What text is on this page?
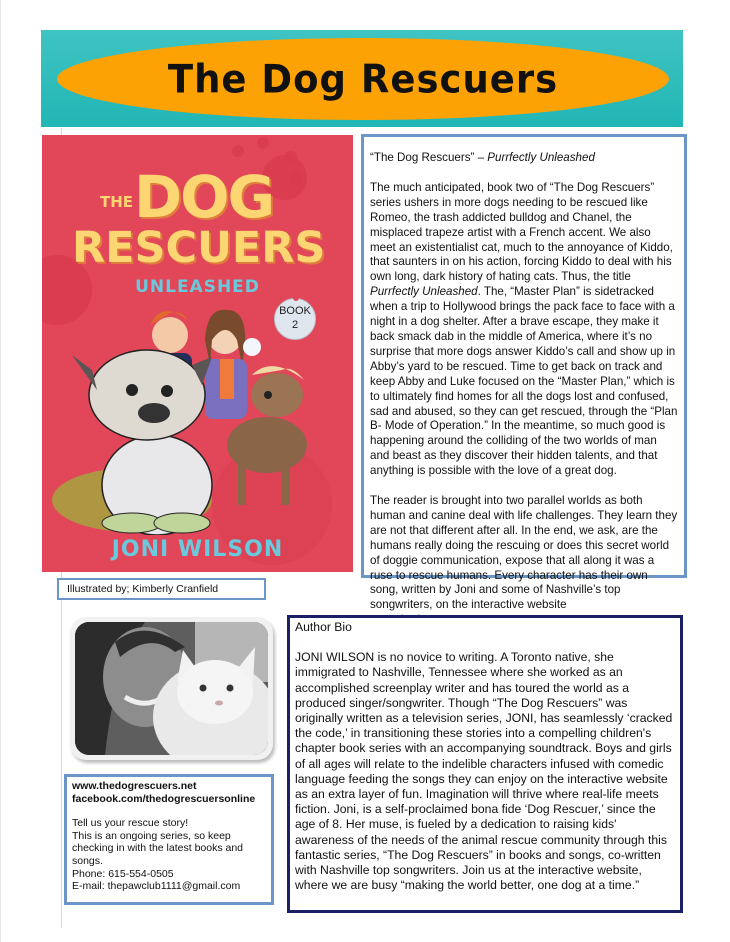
The Dog Rescuers
THE DOG
RESCUERS
UNLEASHED
BOOK
2
JONI WILSON
Illustrated by; Kimberly Cranfield

“The Dog Rescuers” – Purrfectly Unleashed

The much anticipated, book two of “The Dog Rescuers” series ushers in more dogs needing to be rescued like Romeo, the trash addicted bulldog and Chanel, the misplaced trapeze artist with a French accent. We also meet an existentialist cat, much to the annoyance of Kiddo, that saunters in on his action, forcing Kiddo to deal with his own long, dark history of hating cats. Thus, the title Purrfectly Unleashed. The, “Master Plan” is sidetracked when a trip to Hollywood brings the pack face to face with a night in a dog shelter. After a brave escape, they make it back smack dab in the middle of America, where it’s no surprise that more dogs answer Kiddo’s call and show up in Abby’s yard to be rescued. Time to get back on track and keep Abby and Luke focused on the “Master Plan,” which is to ultimately find homes for all the dogs lost and confused, sad and abused, so they can get rescued, through the “Plan B- Mode of Operation.” In the meantime, so much good is happening around the colliding of the two worlds of man and beast as they discover their hidden talents, and that anything is possible with the love of a great dog.

The reader is brought into two parallel worlds as both human and canine deal with life challenges. They learn they are not that different after all. In the end, we ask, are the humans really doing the rescuing or does this secret world of doggie communication, expose that all along it was a ruse to rescue humans. Every character has their own song, written by Joni and some of Nashville’s top songwriters, on the interactive website

www.thedogrescuers.net
facebook.com/thedogrescuersonline
Tell us your rescue story!
This is an ongoing series, so keep checking in with the latest books and songs.
Phone: 615-554-0505
E-mail: thepawclub1111@gmail.com

Author Bio

JONI WILSON is no novice to writing. A Toronto native, she immigrated to Nashville, Tennessee where she worked as an accomplished screenplay writer and has toured the world as a produced singer/songwriter. Though “The Dog Rescuers” was originally written as a television series, JONI, has seamlessly ‘cracked the code,’ in transitioning these stories into a compelling children's chapter book series with an accompanying soundtrack. Boys and girls of all ages will relate to the indelible characters infused with comedic language feeding the songs they can enjoy on the interactive website as an extra layer of fun. Imagination will thrive where real-life meets fiction. Joni, is a self-proclaimed bona fide ‘Dog Rescuer,’ since the age of 8. Her muse, is fueled by a dedication to raising kids' awareness of the needs of the animal rescue community through this fantastic series, “The Dog Rescuers” in books and songs, co-written with Nashville top songwriters. Join us at the interactive website, where we are busy “making the world better, one dog at a time.”
